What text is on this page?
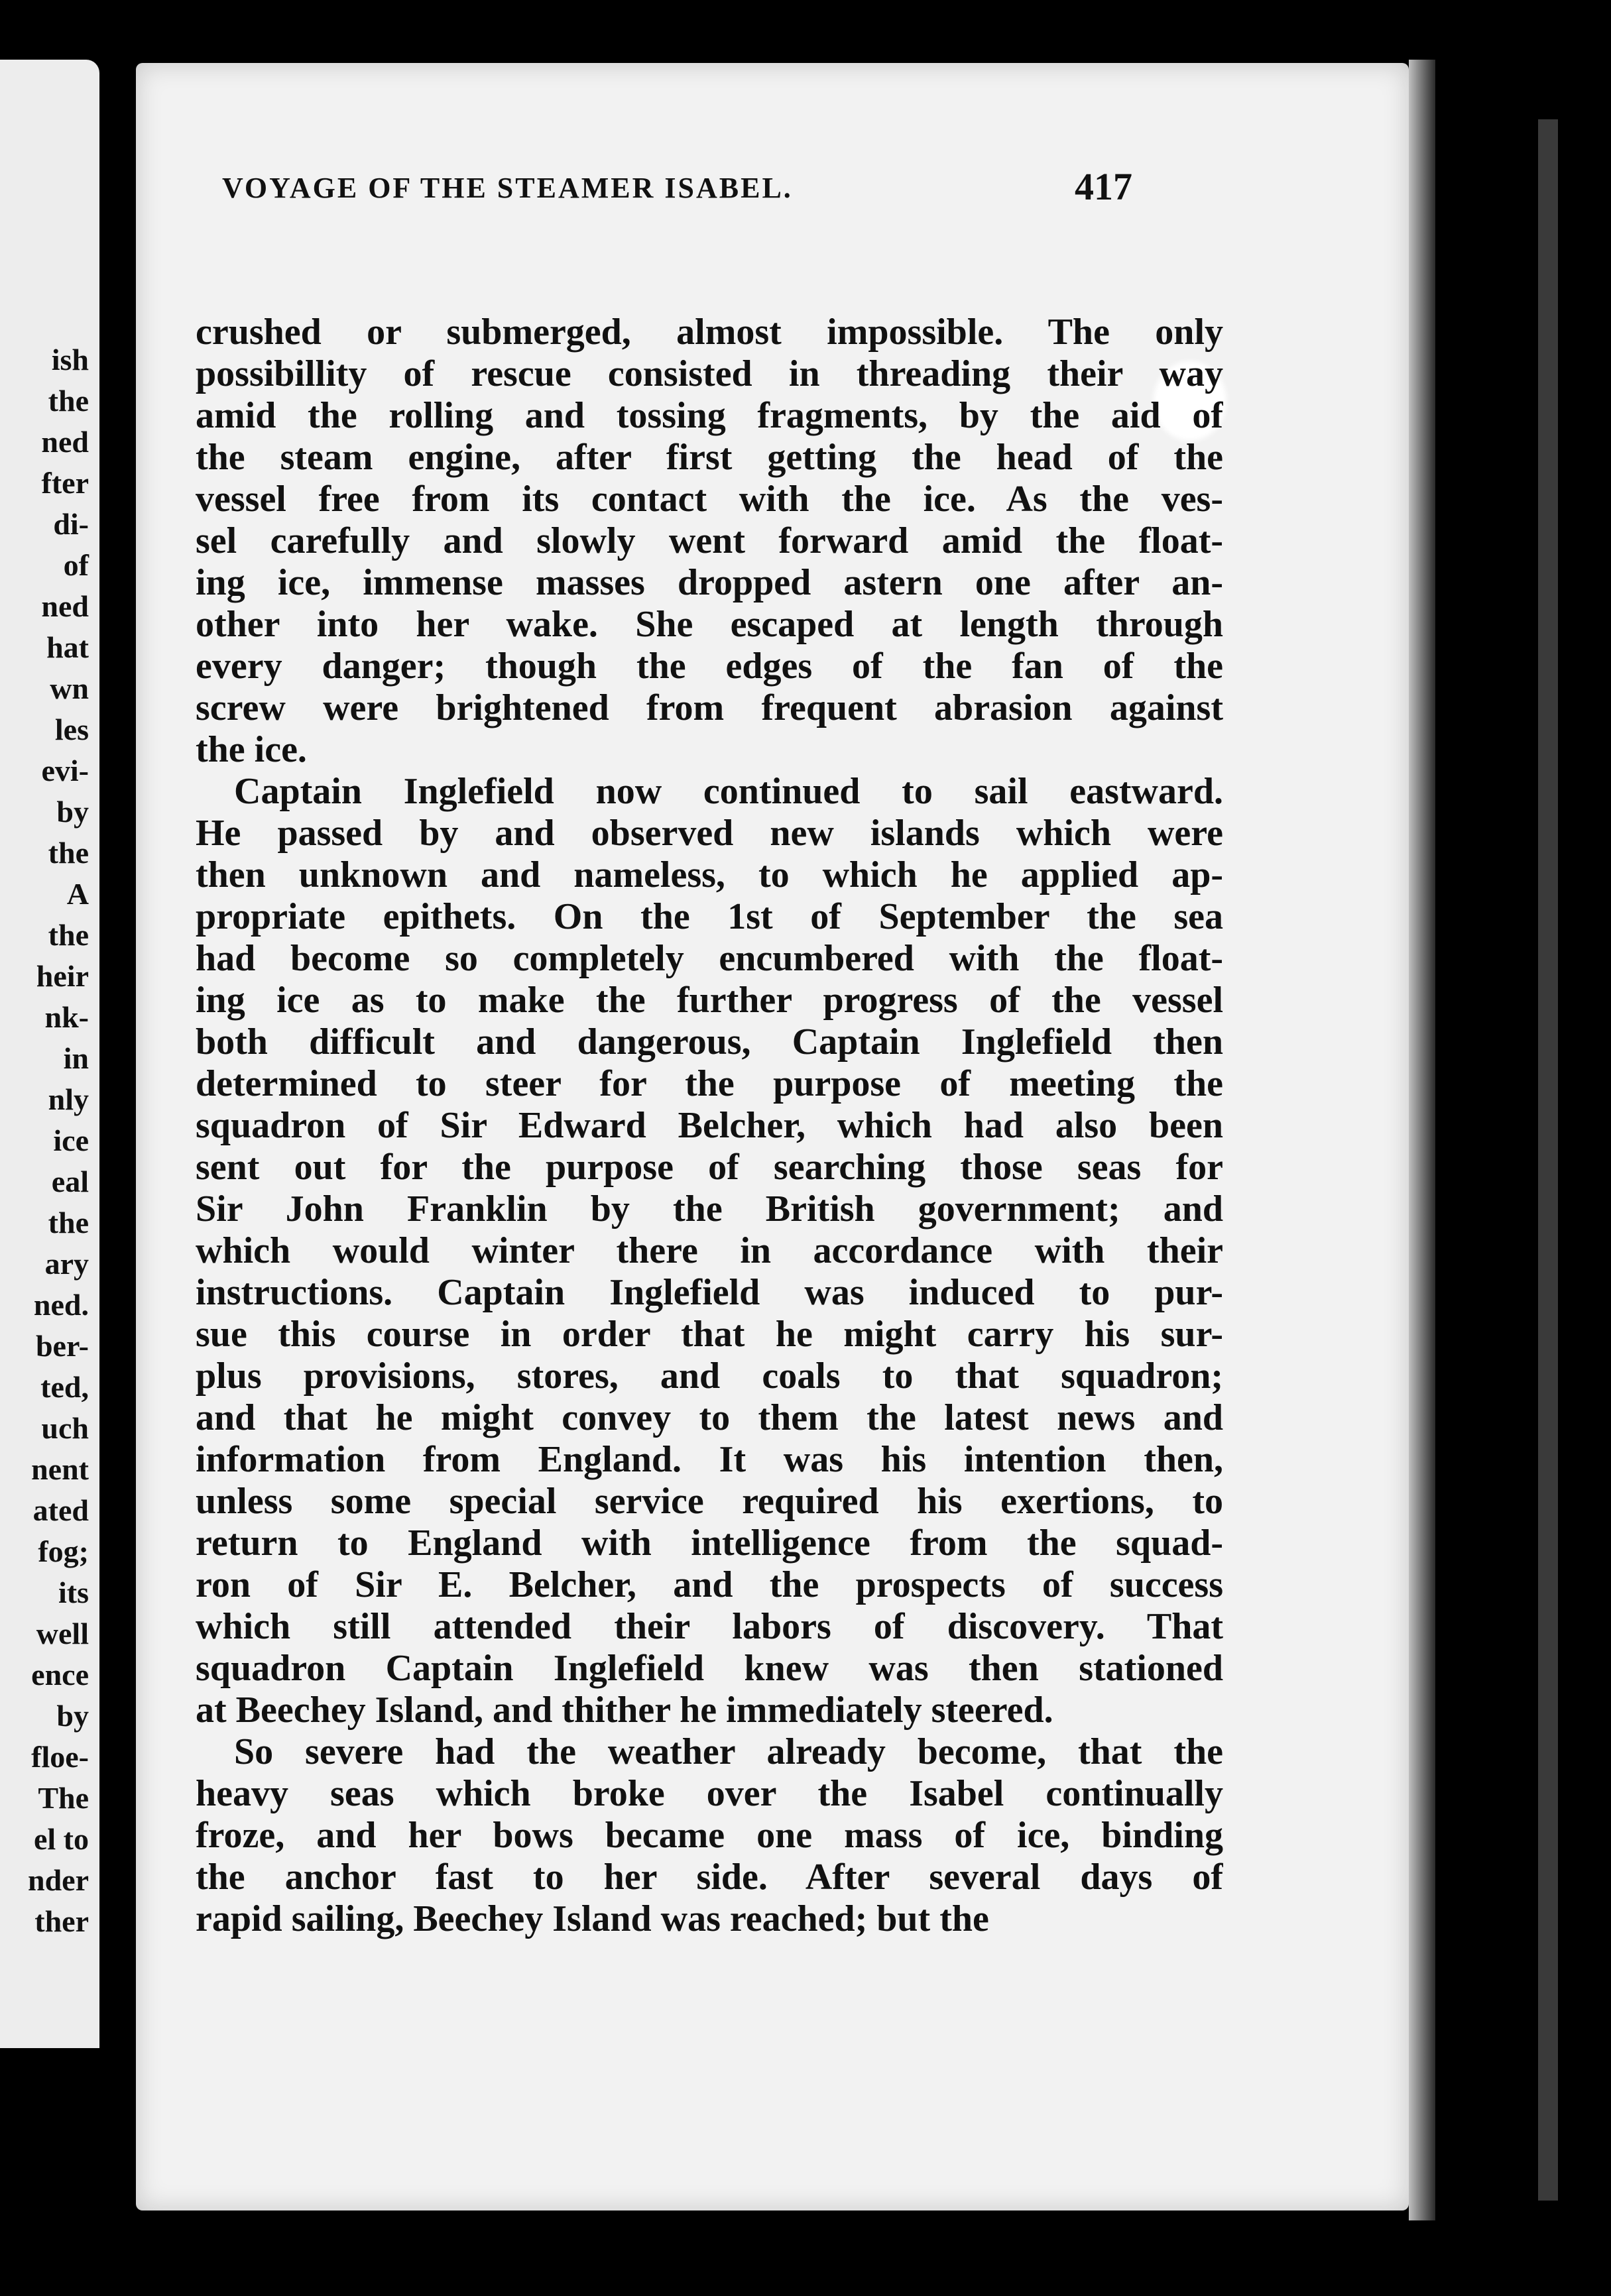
ish
the
ned
fter
di-
of
ned
hat
wn
les
evi-
by
the
A
the
heir
nk-
in
nly
ice
eal
the
ary
ned.
ber-
ted,
uch
nent
ated
fog;
its
well
ence
by
floe-
The
el to
nder
ther
VOYAGE OF THE STEAMER ISABEL.	417
crushed or submerged, almost impossible. The only
possibillity of rescue consisted in threading their way
amid the rolling and tossing fragments, by the aid of
the steam engine, after first getting the head of the
vessel free from its contact with the ice. As the ves-
sel carefully and slowly went forward amid the float-
ing ice, immense masses dropped astern one after an-
other into her wake. She escaped at length through
every danger; though the edges of the fan of the
screw were brightened from frequent abrasion against
the ice.
Captain Inglefield now continued to sail eastward.
He passed by and observed new islands which were
then unknown and nameless, to which he applied ap-
propriate epithets. On the 1st of September the sea
had become so completely encumbered with the float-
ing ice as to make the further progress of the vessel
both difficult and dangerous, Captain Inglefield then
determined to steer for the purpose of meeting the
squadron of Sir Edward Belcher, which had also been
sent out for the purpose of searching those seas for
Sir John Franklin by the British government; and
which would winter there in accordance with their
instructions. Captain Inglefield was induced to pur-
sue this course in order that he might carry his sur-
plus provisions, stores, and coals to that squadron;
and that he might convey to them the latest news and
information from England. It was his intention then,
unless some special service required his exertions, to
return to England with intelligence from the squad-
ron of Sir E. Belcher, and the prospects of success
which still attended their labors of discovery. That
squadron Captain Inglefield knew was then stationed
at Beechey Island, and thither he immediately steered.
So severe had the weather already become, that the
heavy seas which broke over the Isabel continually
froze, and her bows became one mass of ice, binding
the anchor fast to her side. After several days of
rapid sailing, Beechey Island was reached; but the
